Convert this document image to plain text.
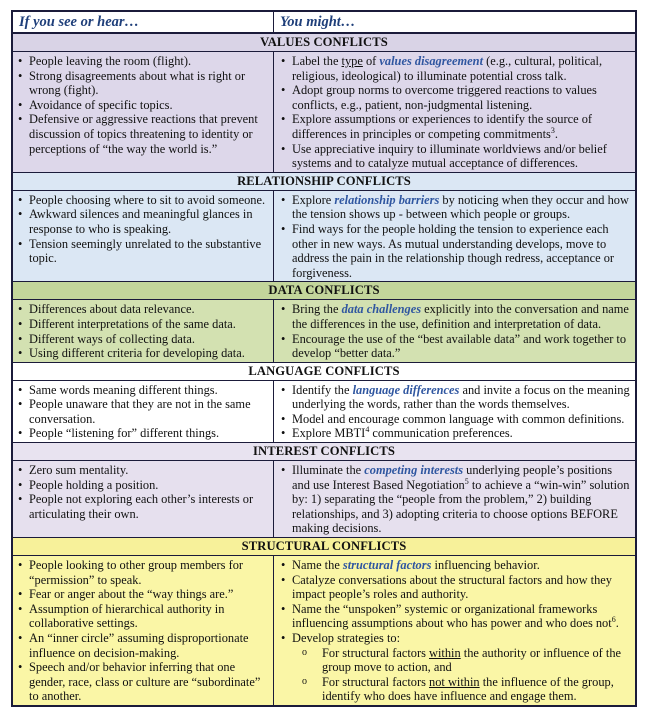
If you see or hear…	You might…
VALUES CONFLICTS
• People leaving the room (flight).
• Strong disagreements about what is right or wrong (fight).
• Avoidance of specific topics.
• Defensive or aggressive reactions that prevent discussion of topics threatening to identity or perceptions of “the way the world is.”
• Label the type of values disagreement (e.g., cultural, political, religious, ideological) to illuminate potential cross talk.
• Adopt group norms to overcome triggered reactions to values conflicts, e.g., patient, non-judgmental listening.
• Explore assumptions or experiences to identify the source of differences in principles or competing commitments$^3$.
• Use appreciative inquiry to illuminate worldviews and/or belief systems and to catalyze mutual acceptance of differences.
RELATIONSHIP CONFLICTS
• People choosing where to sit to avoid someone.
• Awkward silences and meaningful glances in response to who is speaking.
• Tension seemingly unrelated to the substantive topic.
• Explore relationship barriers by noticing when they occur and how the tension shows up - between which people or groups.
• Find ways for the people holding the tension to experience each other in new ways. As mutual understanding develops, move to address the pain in the relationship though redress, acceptance or forgiveness.
DATA CONFLICTS
• Differences about data relevance.
• Different interpretations of the same data.
• Different ways of collecting data.
• Using different criteria for developing data.
• Bring the data challenges explicitly into the conversation and name the differences in the use, definition and interpretation of data.
• Encourage the use of the “best available data” and work together to develop “better data.”
LANGUAGE CONFLICTS
• Same words meaning different things.
• People unaware that they are not in the same conversation.
• People “listening for” different things.
• Identify the language differences and invite a focus on the meaning underlying the words, rather than the words themselves.
• Model and encourage common language with common definitions.
• Explore MBTI$^4$ communication preferences.
INTEREST CONFLICTS
• Zero sum mentality.
• People holding a position.
• People not exploring each other’s interests or articulating their own.
• Illuminate the competing interests underlying people’s positions and use Interest Based Negotiation$^5$ to achieve a “win-win” solution by: 1) separating the “people from the problem,” 2) building relationships, and 3) adopting criteria to choose options BEFORE making decisions.
STRUCTURAL CONFLICTS
• People looking to other group members for “permission” to speak.
• Fear or anger about the “way things are.”
• Assumption of hierarchical authority in collaborative settings.
• An “inner circle” assuming disproportionate influence on decision-making.
• Speech and/or behavior inferring that one gender, race, class or culture are “subordinate” to another.
• Name the structural factors influencing behavior.
• Catalyze conversations about the structural factors and how they impact people’s roles and authority.
• Name the “unspoken” systemic or organizational frameworks influencing assumptions about who has power and who does not$^6$.
• Develop strategies to:
o For structural factors within the authority or influence of the group move to action, and
o For structural factors not within the influence of the group, identify who does have influence and engage them.
